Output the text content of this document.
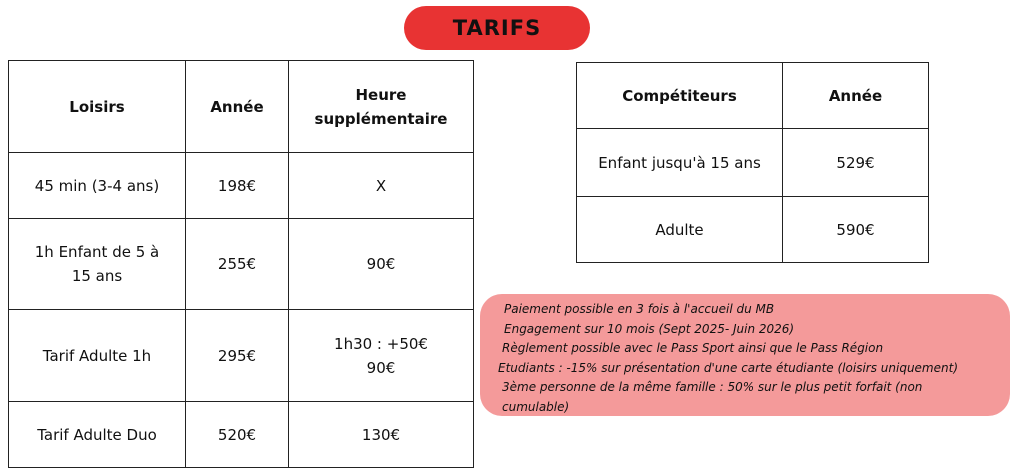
TARIFS
Loisirs	Année	Heure
supplémentaire

45 min (3-4 ans)	198€	X

1h Enfant de 5 à
15 ans	255€	90€
Tarif Adulte 1h	295€	1h30 : +50€
90€

Tarif Adulte Duo	520€	130€
Compétiteurs	Année
Enfant jusqu'à 15 ans	529€
Adulte	590€
Paiement possible en 3 fois à l'accueil du MB
Engagement sur 10 mois (Sept 2025- Juin 2026)
Règlement possible avec le Pass Sport ainsi que le Pass Région
Etudiants : -15% sur présentation d'une carte étudiante (loisirs uniquement)
3ème personne de la même famille : 50% sur le plus petit forfait (non
cumulable)
